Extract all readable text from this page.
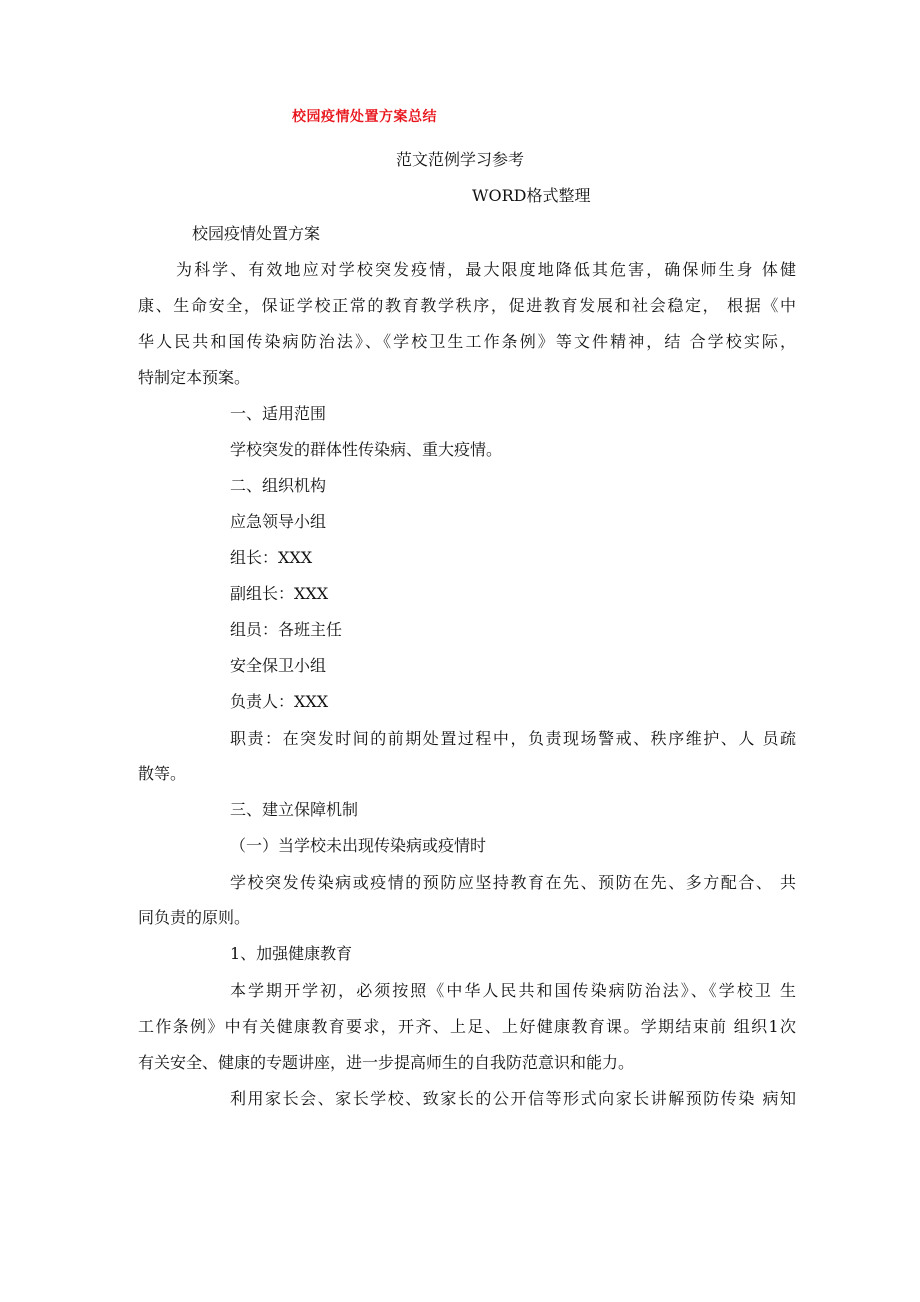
校园疫情处置方案总结
范文范例学习参考
WORD格式整理
校园疫情处置方案
为科学、有效地应对学校突发疫情，最大限度地降低其危害，确保师生身 体健
康、生命安全，保证学校正常的教育教学秩序，促进教育发展和社会稳定， 根据《中
华人民共和国传染病防治法》、《学校卫生工作条例》等文件精神，结 合学校实际，
特制定本预案。
一、适用范围
学校突发的群体性传染病、重大疫情。
二、组织机构
应急领导小组
组长：XXX
副组长：XXX
组员：各班主任
安全保卫小组
负责人：XXX
职责：在突发时间的前期处置过程中，负责现场警戒、秩序维护、人 员疏
散等。
三、建立保障机制
（一）当学校未出现传染病或疫情时
学校突发传染病或疫情的预防应坚持教育在先、预防在先、多方配合、 共
同负责的原则。
1、加强健康教育
本学期开学初，必须按照《中华人民共和国传染病防治法》、《学校卫 生
工作条例》中有关健康教育要求，开齐、上足、上好健康教育课。学期结束前 组织1次
有关安全、健康的专题讲座，进一步提高师生的自我防范意识和能力。
利用家长会、家长学校、致家长的公开信等形式向家长讲解预防传染 病知
